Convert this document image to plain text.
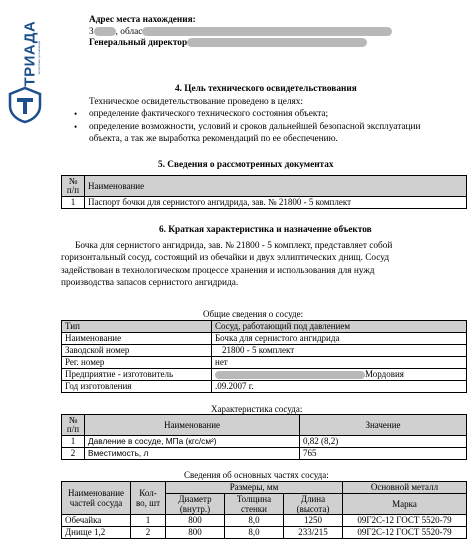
ТРИАДА
экспертная организация
Адрес места нахождения:
3 , облас
Генеральный директор
4. Цель технического освидетельствования
Техническое освидетельствование проведено в целях:
• определение фактического технического состояния объекта;
• определение возможности, условий и сроков дальнейшей безопасной эксплуатации
объекта, а так же выработка рекомендаций по ее обеспечению.
5. Сведения о рассмотренных документах
№ п/п	Наименование
1	Паспорт бочки для сернистого ангидрида, зав. № 21800 - 5 комплект
6. Краткая характеристика и назначение объектов
Бочка для сернистого ангидрида, зав. № 21800 - 5 комплект, представляет собой
горизонтальный сосуд, состоящий из обечайки и двух эллиптических днищ. Сосуд
задействован в технологическом процессе хранения и использования для нужд
производства запасов сернистого ангидрида.
Общие сведения о сосуде:
Тип	Сосуд, работающий под давлением
Наименование	Бочка для сернистого ангидрида
Заводской номер	21800 - 5 комплект
Рег. номер	нет
Предприятие - изготовитель	Мордовия
Год изготовления	.09.2007 г.
Характеристика сосуда:
№ п/п	Наименование	Значение
1	Давление в сосуде, МПа (кгс/см²)	0,82 (8,2)
2	Вместимость, л	765
Сведения об основных частях сосуда:
Наименование частей сосуда	Кол-во, шт	Размеры, мм			Основной металл
		Диаметр (внутр.)	Толщина стенки	Длина (высота)	Марка
Обечайка	1	800	8,0	1250	09Г2С-12 ГОСТ 5520-79
Днище 1,2	2	800	8,0	233/215	09Г2С-12 ГОСТ 5520-79
